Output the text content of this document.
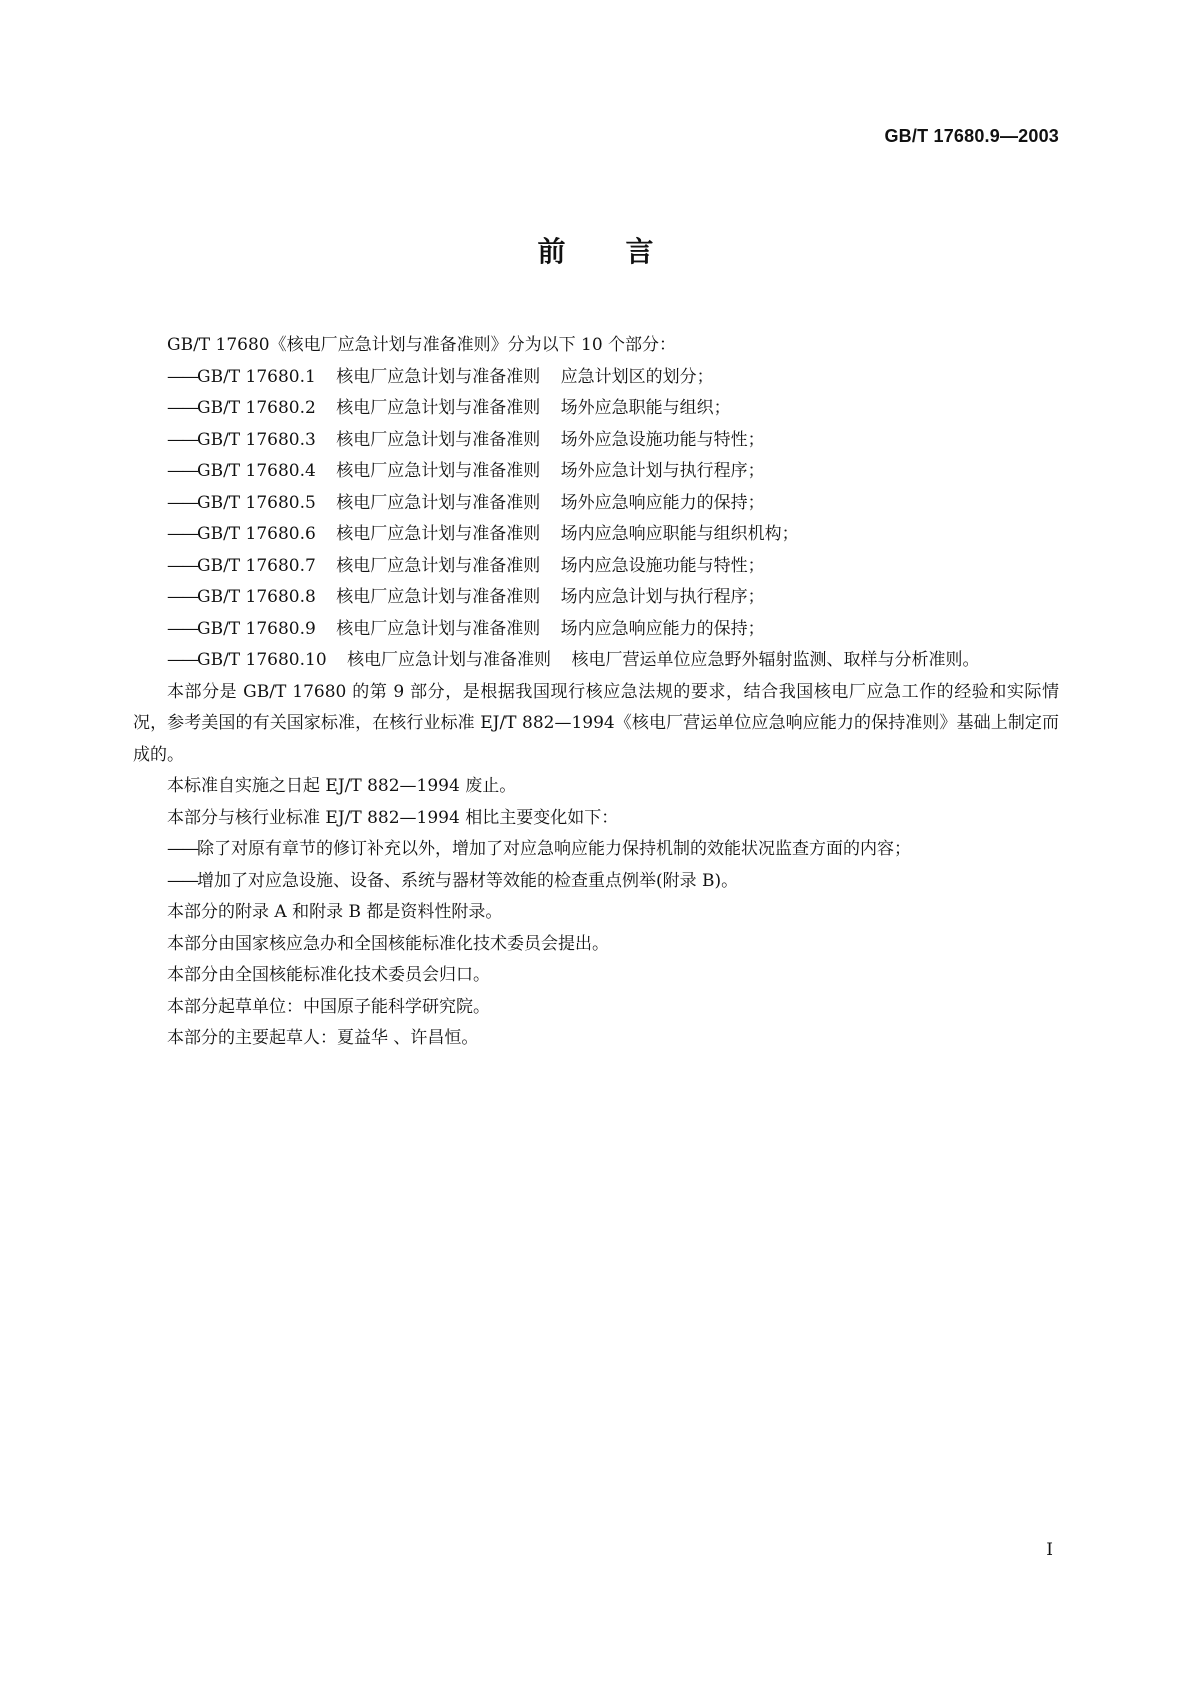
GB/T 17680.9—2003
前 言

GB/T 17680《核电厂应急计划与准备准则》分为以下 10 个部分：

——GB/T 17680.1 核电厂应急计划与准备准则 应急计划区的划分；

——GB/T 17680.2 核电厂应急计划与准备准则 场外应急职能与组织；

——GB/T 17680.3 核电厂应急计划与准备准则 场外应急设施功能与特性；

——GB/T 17680.4 核电厂应急计划与准备准则 场外应急计划与执行程序；

——GB/T 17680.5 核电厂应急计划与准备准则 场外应急响应能力的保持；

——GB/T 17680.6 核电厂应急计划与准备准则 场内应急响应职能与组织机构；

——GB/T 17680.7 核电厂应急计划与准备准则 场内应急设施功能与特性；

——GB/T 17680.8 核电厂应急计划与准备准则 场内应急计划与执行程序；

——GB/T 17680.9 核电厂应急计划与准备准则 场内应急响应能力的保持；

——GB/T 17680.10 核电厂应急计划与准备准则 核电厂营运单位应急野外辐射监测、取样与分析准则。

本部分是 GB/T 17680 的第 9 部分，是根据我国现行核应急法规的要求，结合我国核电厂应急工作的经验和实际情况，参考美国的有关国家标准，在核行业标准 EJ/T 882—1994《核电厂营运单位应急响应能力的保持准则》基础上制定而成的。

本标准自实施之日起 EJ/T 882—1994 废止。

本部分与核行业标准 EJ/T 882—1994 相比主要变化如下：

——除了对原有章节的修订补充以外，增加了对应急响应能力保持机制的效能状况监查方面的内容；

——增加了对应急设施、设备、系统与器材等效能的检查重点例举(附录 B)。

本部分的附录 A 和附录 B 都是资料性附录。

本部分由国家核应急办和全国核能标准化技术委员会提出。

本部分由全国核能标准化技术委员会归口。

本部分起草单位：中国原子能科学研究院。

本部分的主要起草人：夏益华 、许昌恒。

I
